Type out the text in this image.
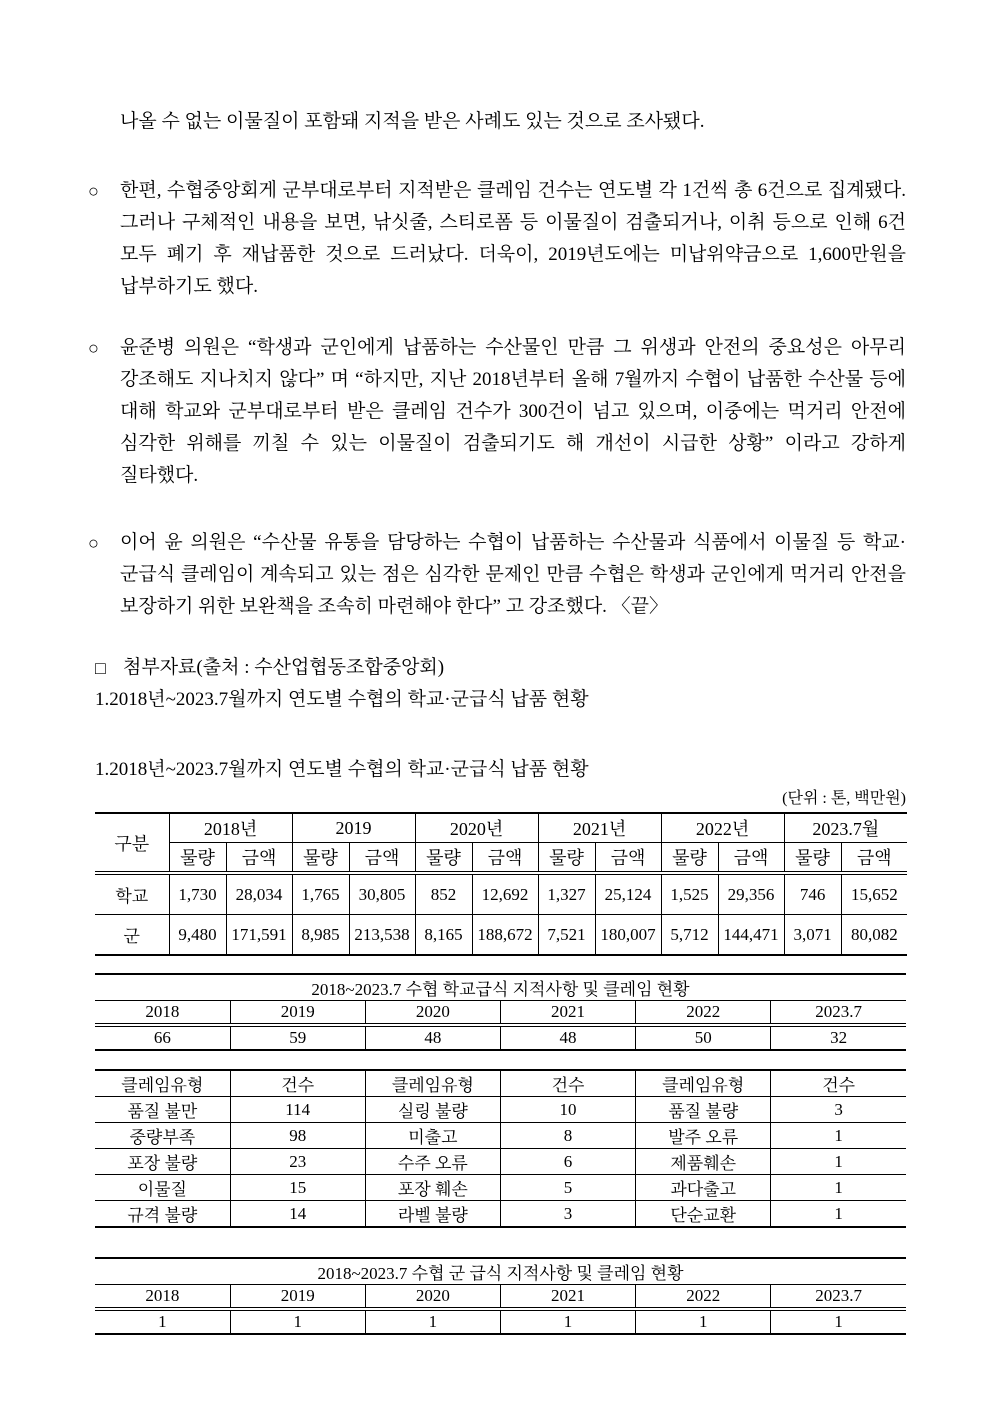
나올 수 없는 이물질이 포함돼 지적을 받은 사례도 있는 것으로 조사됐다.

○ 한편, 수협중앙회게 군부대로부터 지적받은 클레임 건수는 연도별 각 1건씩 총 6건으로 집계됐다. 그러나 구체적인 내용을 보면, 낚싯줄, 스티로폼 등 이물질이 검출되거나, 이취 등으로 인해 6건 모두 폐기 후 재납품한 것으로 드러났다. 더욱이, 2019년도에는 미납위약금으로 1,600만원을 납부하기도 했다.

○ 윤준병 의원은 “학생과 군인에게 납품하는 수산물인 만큼 그 위생과 안전의 중요성은 아무리 강조해도 지나치지 않다” 며 “하지만, 지난 2018년부터 올해 7월까지 수협이 납품한 수산물 등에 대해 학교와 군부대로부터 받은 클레임 건수가 300건이 넘고 있으며, 이중에는 먹거리 안전에 심각한 위해를 끼칠 수 있는 이물질이 검출되기도 해 개선이 시급한 상황” 이라고 강하게 질타했다.

○ 이어 윤 의원은 “수산물 유통을 담당하는 수협이 납품하는 수산물과 식품에서 이물질 등 학교·군급식 클레임이 계속되고 있는 점은 심각한 문제인 만큼 수협은 학생과 군인에게 먹거리 안전을 보장하기 위한 보완책을 조속히 마련해야 한다” 고 강조했다. 〈끝〉

□ 첨부자료(출처 : 수산업협동조합중앙회)

1.2018년~2023.7월까지 연도별 수협의 학교·군급식 납품 현황

1.2018년~2023.7월까지 연도별 수협의 학교·군급식 납품 현황

(단위 : 톤, 백만원)

구분	2018년		2019		2020년		2021년		2022년		2023.7월	
	물량	금액	물량	금액	물량	금액	물량	금액	물량	금액	물량	금액
학교	1,730	28,034	1,765	30,805	852	12,692	1,327	25,124	1,525	29,356	746	15,652
군	9,480	171,591	8,985	213,538	8,165	188,672	7,521	180,007	5,712	144,471	3,071	80,082
2018~2023.7 수협 학교급식 지적사항 및 클레임 현황					
2018	2019	2020	2021	2022	2023.7
66	59	48	48	50	32
클레임유형	건수	클레임유형	건수	클레임유형	건수
품질 불만	114	실링 불량	10	품질 불량	3
중량부족	98	미출고	8	발주 오류	1
포장 불량	23	수주 오류	6	제품훼손	1
이물질	15	포장 훼손	5	과다출고	1
규격 불량	14	라벨 불량	3	단순교환	1
2018~2023.7 수협 군 급식 지적사항 및 클레임 현황					
2018	2019	2020	2021	2022	2023.7
1	1	1	1	1	1
